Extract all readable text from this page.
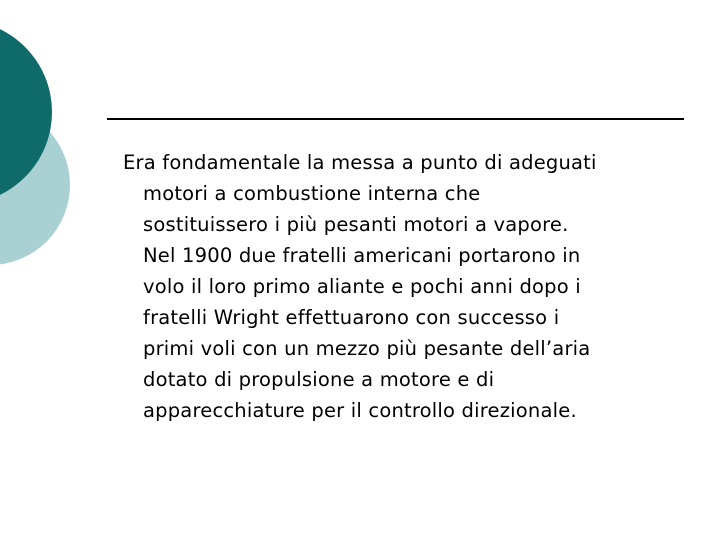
Era fondamentale la messa a punto di adeguati
motori a combustione interna che
sostituissero i più pesanti motori a vapore.
Nel 1900 due fratelli americani portarono in
volo il loro primo aliante e pochi anni dopo i
fratelli Wright effettuarono con successo i
primi voli con un mezzo più pesante dell’aria
dotato di propulsione a motore e di
apparecchiature per il controllo direzionale.
